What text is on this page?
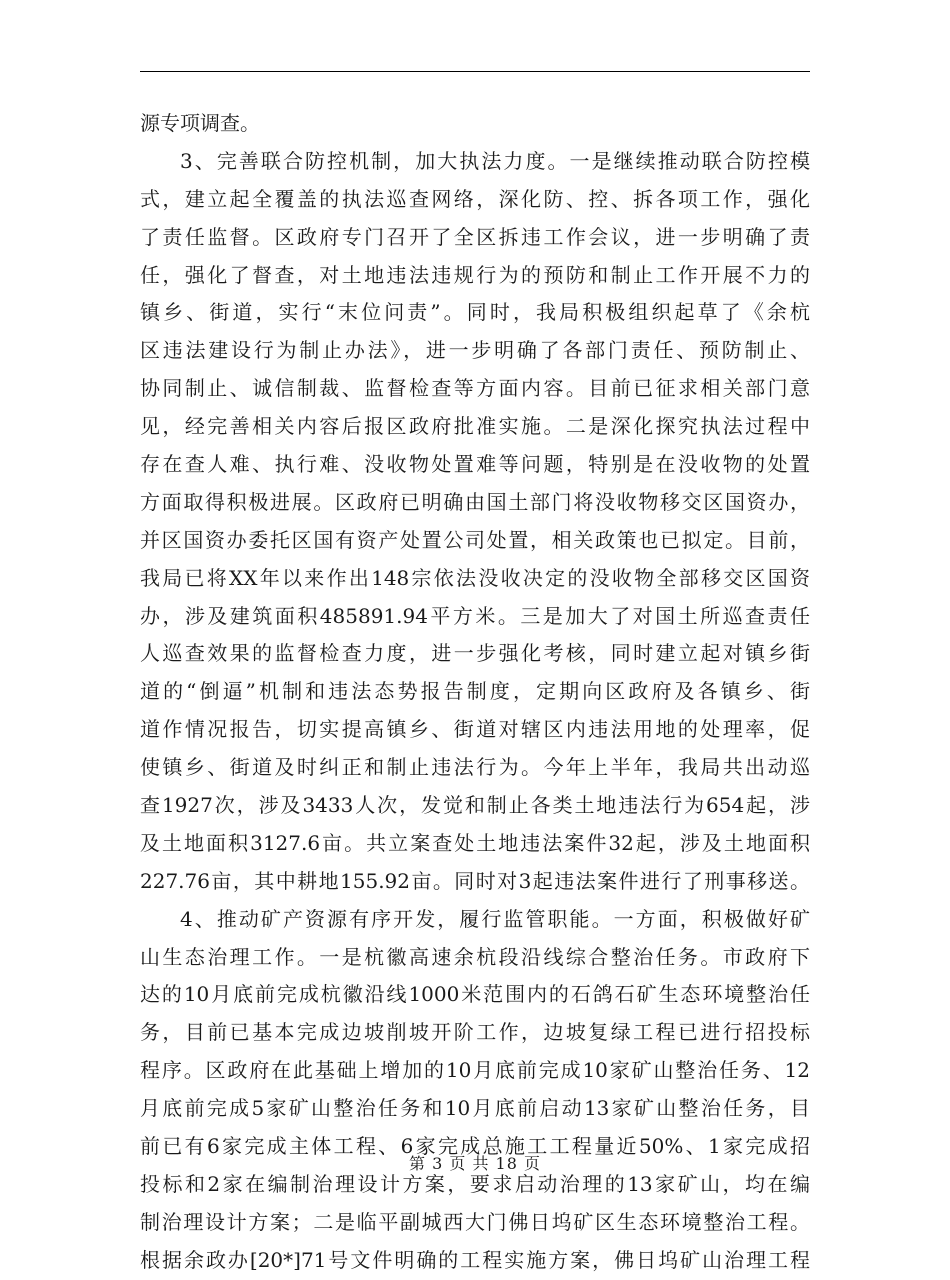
源专项调查。
3、完善联合防控机制，加大执法力度。一是继续推动联合防控模
式，建立起全覆盖的执法巡查网络，深化防、控、拆各项工作，强化
了责任监督。区政府专门召开了全区拆违工作会议，进一步明确了责
任，强化了督查，对土地违法违规行为的预防和制止工作开展不力的
镇乡、街道，实行“末位问责”。同时，我局积极组织起草了《余杭
区违法建设行为制止办法》，进一步明确了各部门责任、预防制止、
协同制止、诚信制裁、监督检查等方面内容。目前已征求相关部门意
见，经完善相关内容后报区政府批准实施。二是深化探究执法过程中
存在查人难、执行难、没收物处置难等问题，特别是在没收物的处置
方面取得积极进展。区政府已明确由国土部门将没收物移交区国资办，
并区国资办委托区国有资产处置公司处置，相关政策也已拟定。目前，
我局已将XX年以来作出148宗依法没收决定的没收物全部移交区国资
办，涉及建筑面积485891.94平方米。三是加大了对国土所巡查责任
人巡查效果的监督检查力度，进一步强化考核，同时建立起对镇乡街
道的“倒逼”机制和违法态势报告制度，定期向区政府及各镇乡、街
道作情况报告，切实提高镇乡、街道对辖区内违法用地的处理率，促
使镇乡、街道及时纠正和制止违法行为。今年上半年，我局共出动巡
查1927次，涉及3433人次，发觉和制止各类土地违法行为654起，涉
及土地面积3127.6亩。共立案查处土地违法案件32起，涉及土地面积
227.76亩，其中耕地155.92亩。同时对3起违法案件进行了刑事移送。
4、推动矿产资源有序开发，履行监管职能。一方面，积极做好矿
山生态治理工作。一是杭徽高速余杭段沿线综合整治任务。市政府下
达的10月底前完成杭徽沿线1000米范围内的石鸽石矿生态环境整治任
务，目前已基本完成边坡削坡开阶工作，边坡复绿工程已进行招投标
程序。区政府在此基础上增加的10月底前完成10家矿山整治任务、12
月底前完成5家矿山整治任务和10月底前启动13家矿山整治任务，目
前已有6家完成主体工程、6家完成总施工工程量近50%、1家完成招
投标和2家在编制治理设计方案，要求启动治理的13家矿山，均在编
制治理设计方案；二是临平副城西大门佛日坞矿区生态环境整治工程。
根据余政办[20*]71号文件明确的工程实施方案，佛日坞矿山治理工程
第 3 页 共 18 页
